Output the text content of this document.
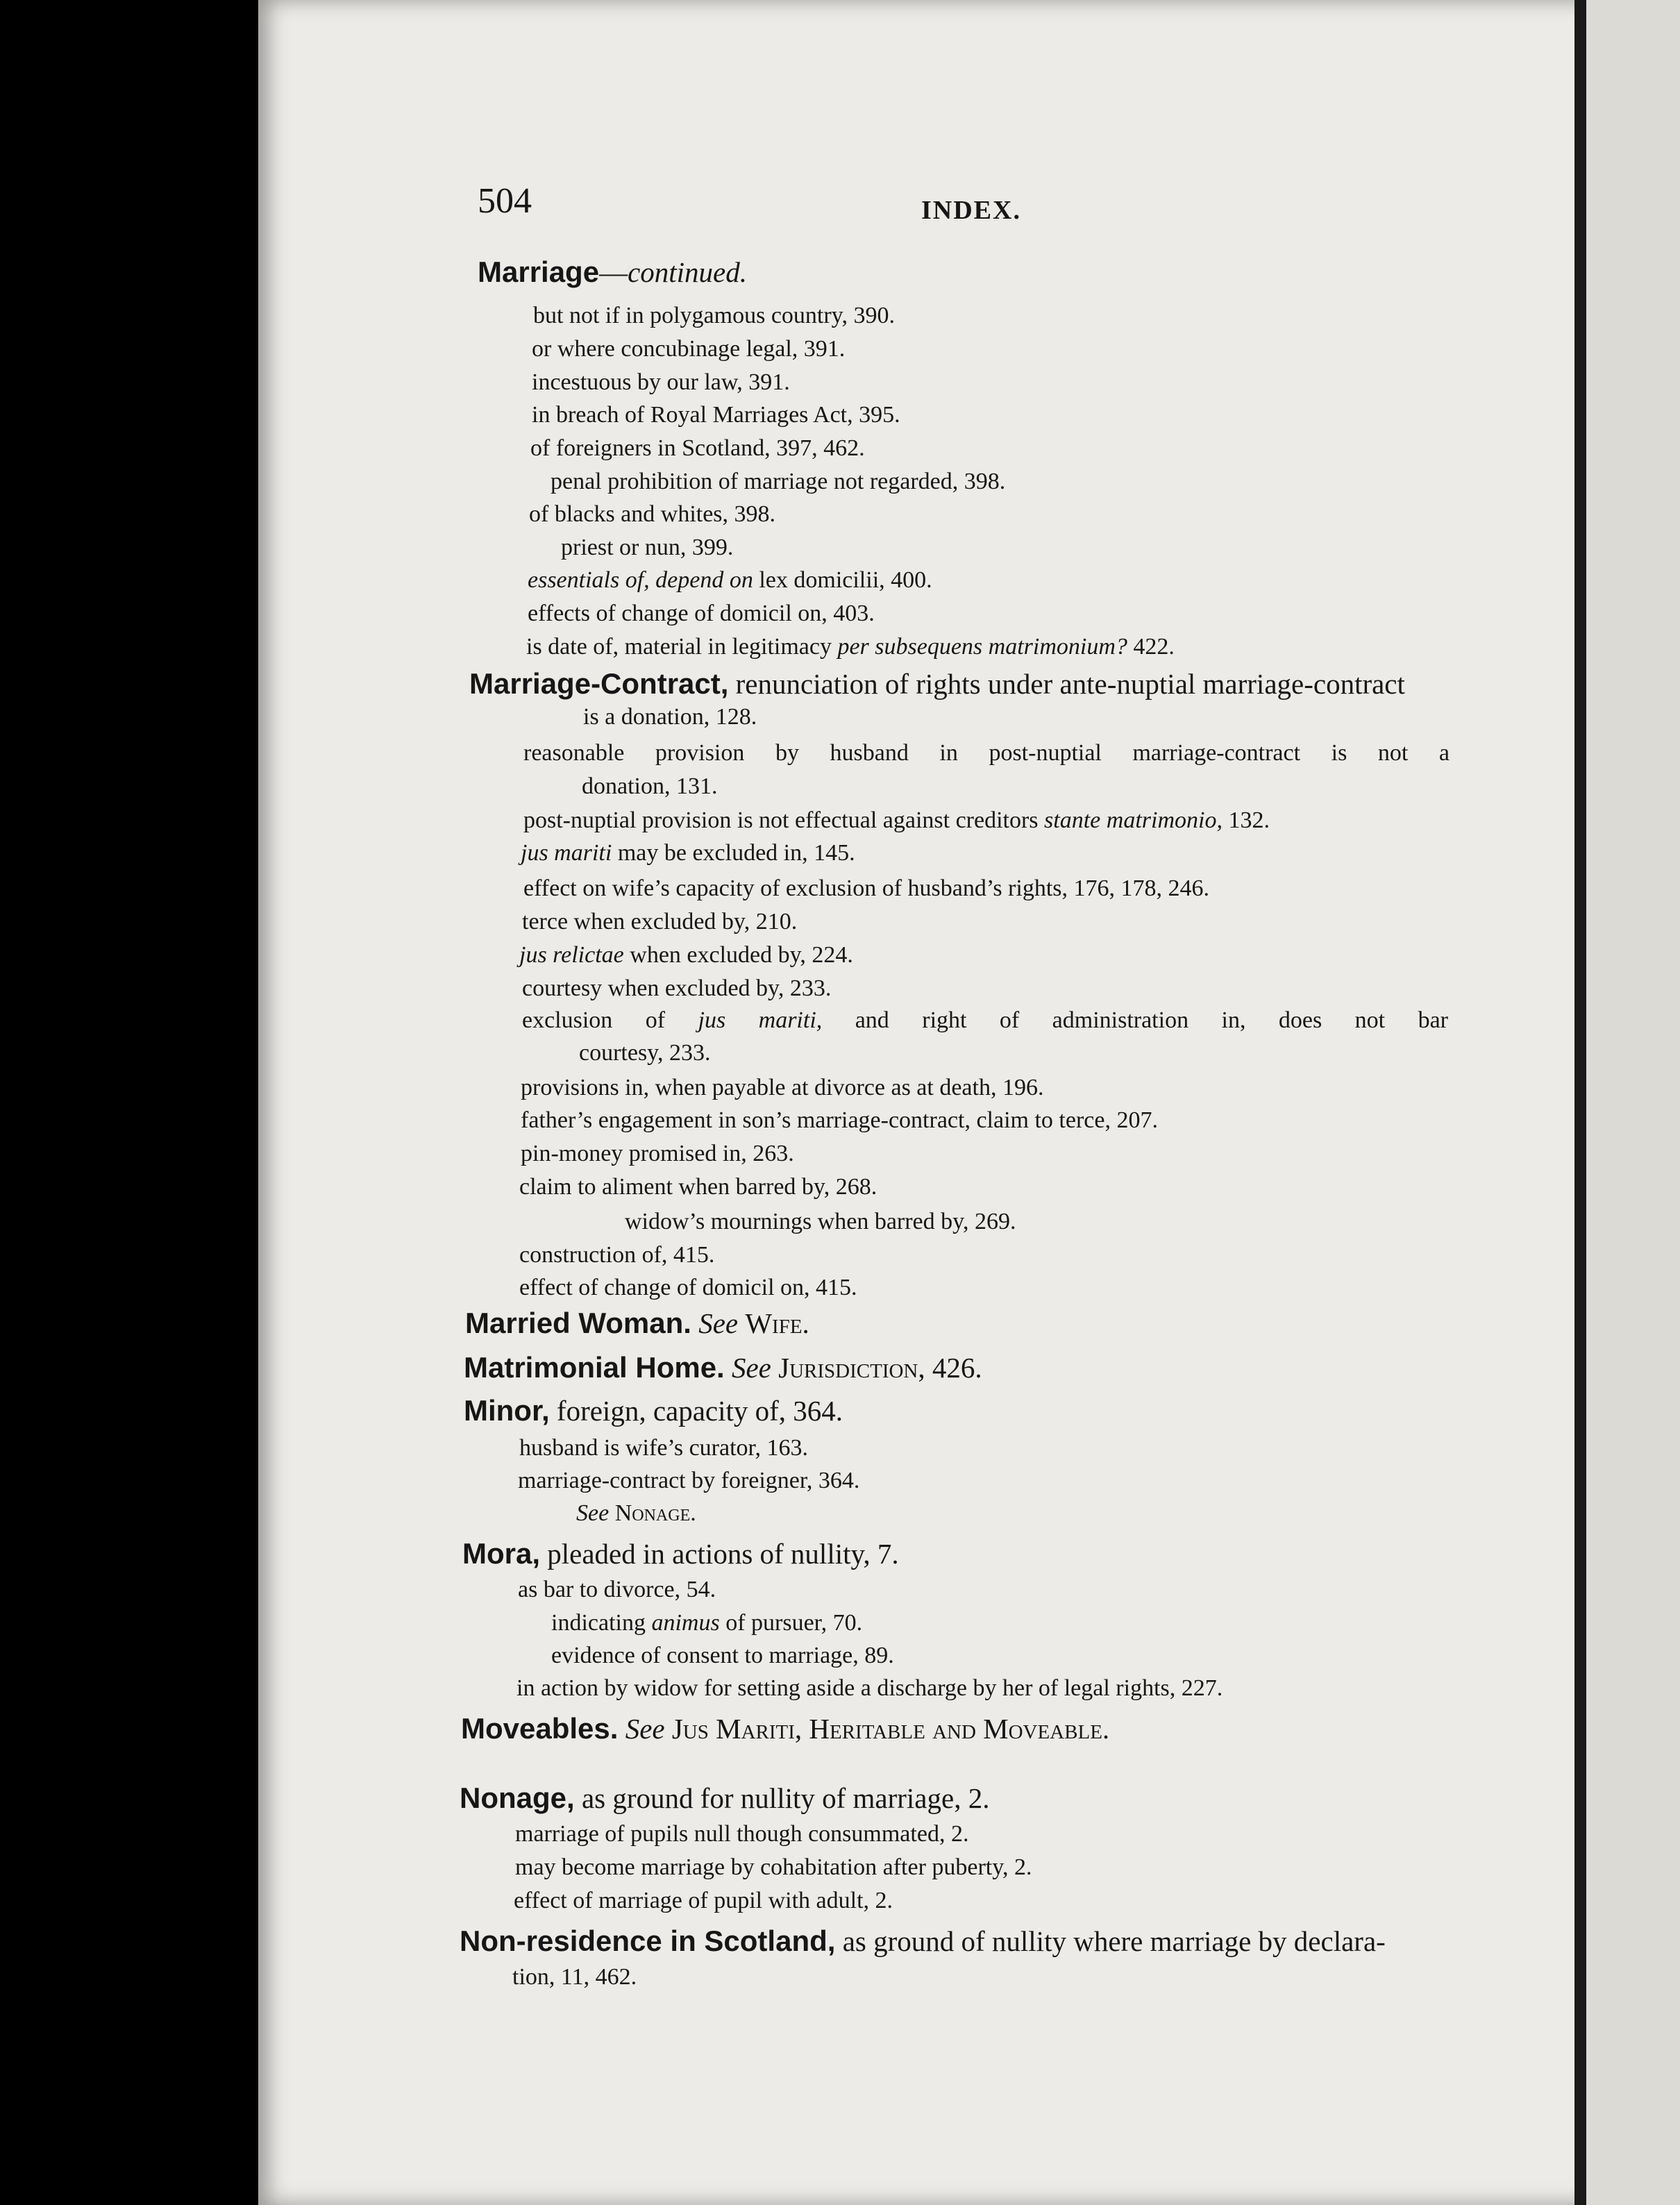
504	INDEX.
Marriage—continued.
but not if in polygamous country, 390.
or where concubinage legal, 391.
incestuous by our law, 391.
in breach of Royal Marriages Act, 395.
of foreigners in Scotland, 397, 462.
penal prohibition of marriage not regarded, 398.
of blacks and whites, 398.
priest or nun, 399.
essentials of, depend on lex domicilii, 400.
effects of change of domicil on, 403.
is date of, material in legitimacy per subsequens matrimonium? 422.
Marriage-Contract, renunciation of rights under ante-nuptial marriage-contract
is a donation, 128.
reasonable provision by husband in post-nuptial marriage-contract is not a
donation, 131.
post-nuptial provision is not effectual against creditors stante matrimonio, 132.
jus mariti may be excluded in, 145.
effect on wife’s capacity of exclusion of husband’s rights, 176, 178, 246.
terce when excluded by, 210.
jus relictae when excluded by, 224.
courtesy when excluded by, 233.
exclusion of jus mariti, and right of administration in, does not bar
courtesy, 233.
provisions in, when payable at divorce as at death, 196.
father’s engagement in son’s marriage-contract, claim to terce, 207.
pin-money promised in, 263.
claim to aliment when barred by, 268.
widow’s mournings when barred by, 269.
construction of, 415.
effect of change of domicil on, 415.
Married Woman. See Wife.
Matrimonial Home. See Jurisdiction, 426.
Minor, foreign, capacity of, 364.
husband is wife’s curator, 163.
marriage-contract by foreigner, 364.
See Nonage.
Mora, pleaded in actions of nullity, 7.
as bar to divorce, 54.
indicating animus of pursuer, 70.
evidence of consent to marriage, 89.
in action by widow for setting aside a discharge by her of legal rights, 227.
Moveables. See Jus Mariti, Heritable and Moveable.
Nonage, as ground for nullity of marriage, 2.
marriage of pupils null though consummated, 2.
may become marriage by cohabitation after puberty, 2.
effect of marriage of pupil with adult, 2.
Non-residence in Scotland, as ground of nullity where marriage by declara-
tion, 11, 462.
